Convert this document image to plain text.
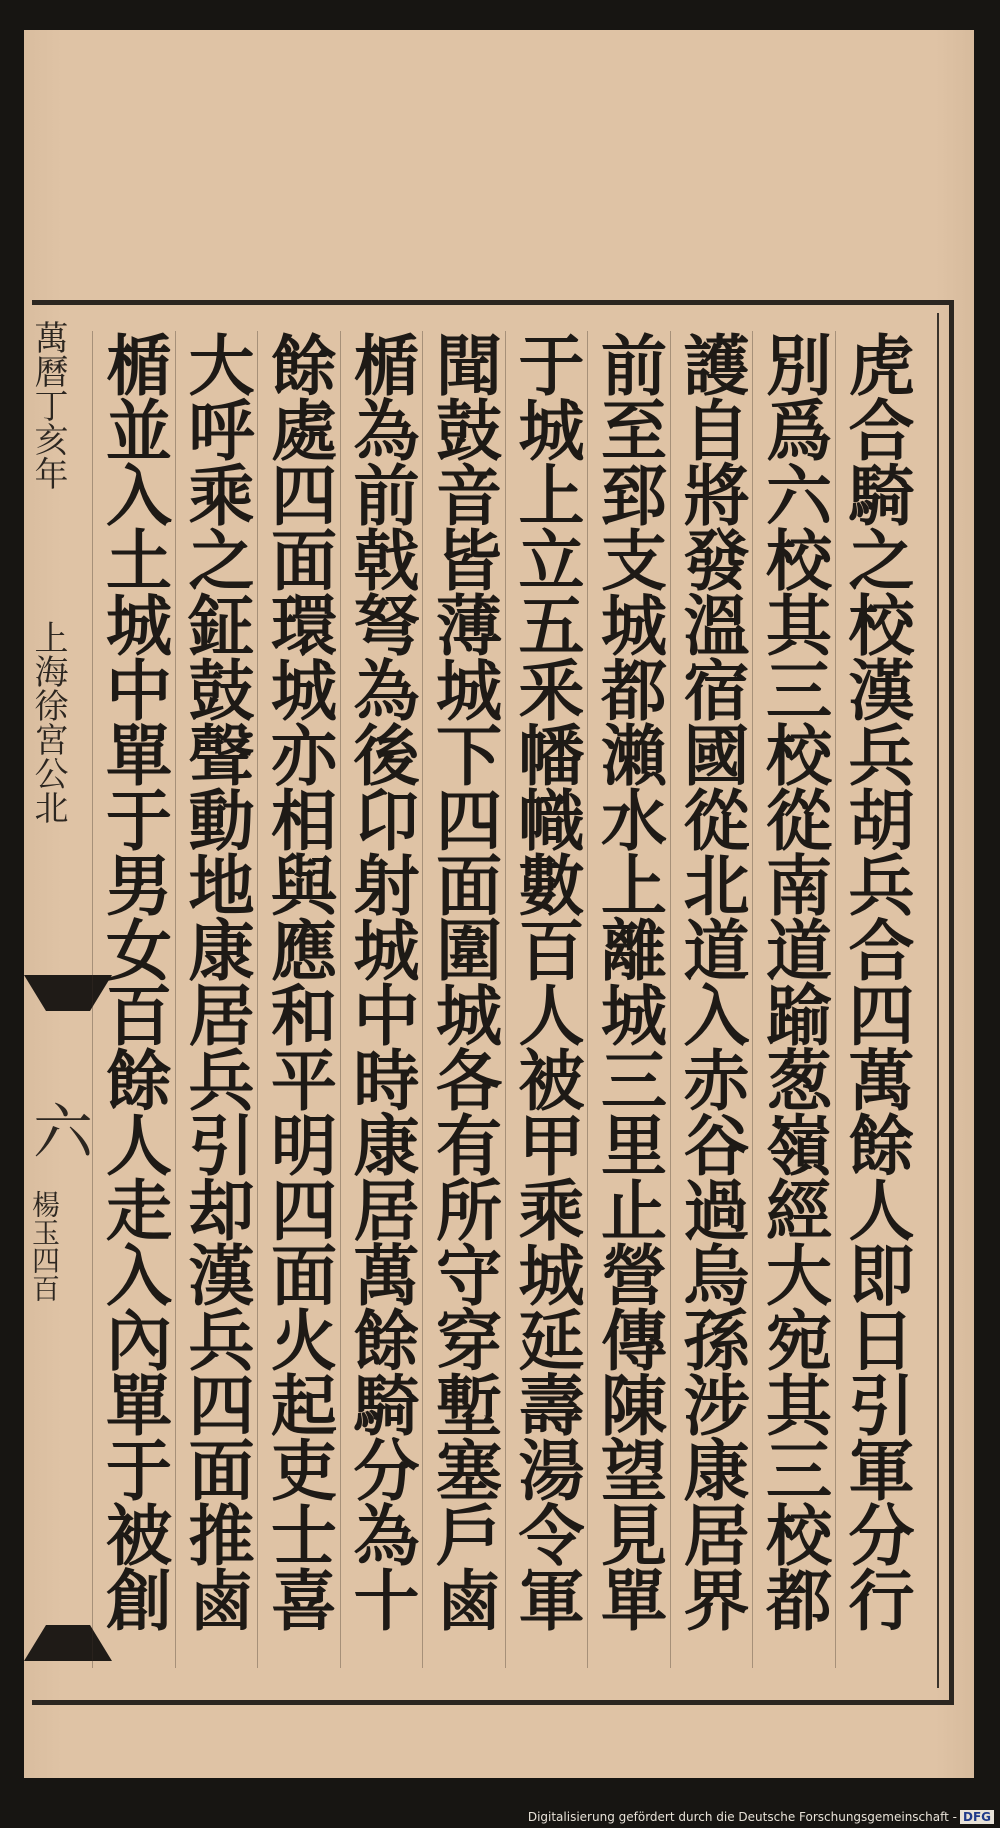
萬曆丁亥年
上海徐宮公北
六
楊玉四百	虎合騎之校漢兵胡兵合四萬餘人即日引軍分行
別爲六校其三校從南道踰葱嶺經大宛其三校都
護自將發溫宿國從北道入赤谷過烏孫涉康居界
前至郅支城都瀨水上離城三里止營傳陳望見單
于城上立五釆幡幟數百人被甲乘城延壽湯令軍
聞鼓音皆薄城下四面圍城各有所守穿塹塞戶鹵
楯為前戟弩為後卬射城中時康居萬餘騎分為十
餘處四面環城亦相與應和平明四面火起吏士喜
大呼乘之鉦鼓聲動地康居兵引却漢兵四面推鹵
楯並入土城中單于男女百餘人走入內單于被創
Digitalisierung gefördert durch die Deutsche Forschungsgemeinschaft - DFG
